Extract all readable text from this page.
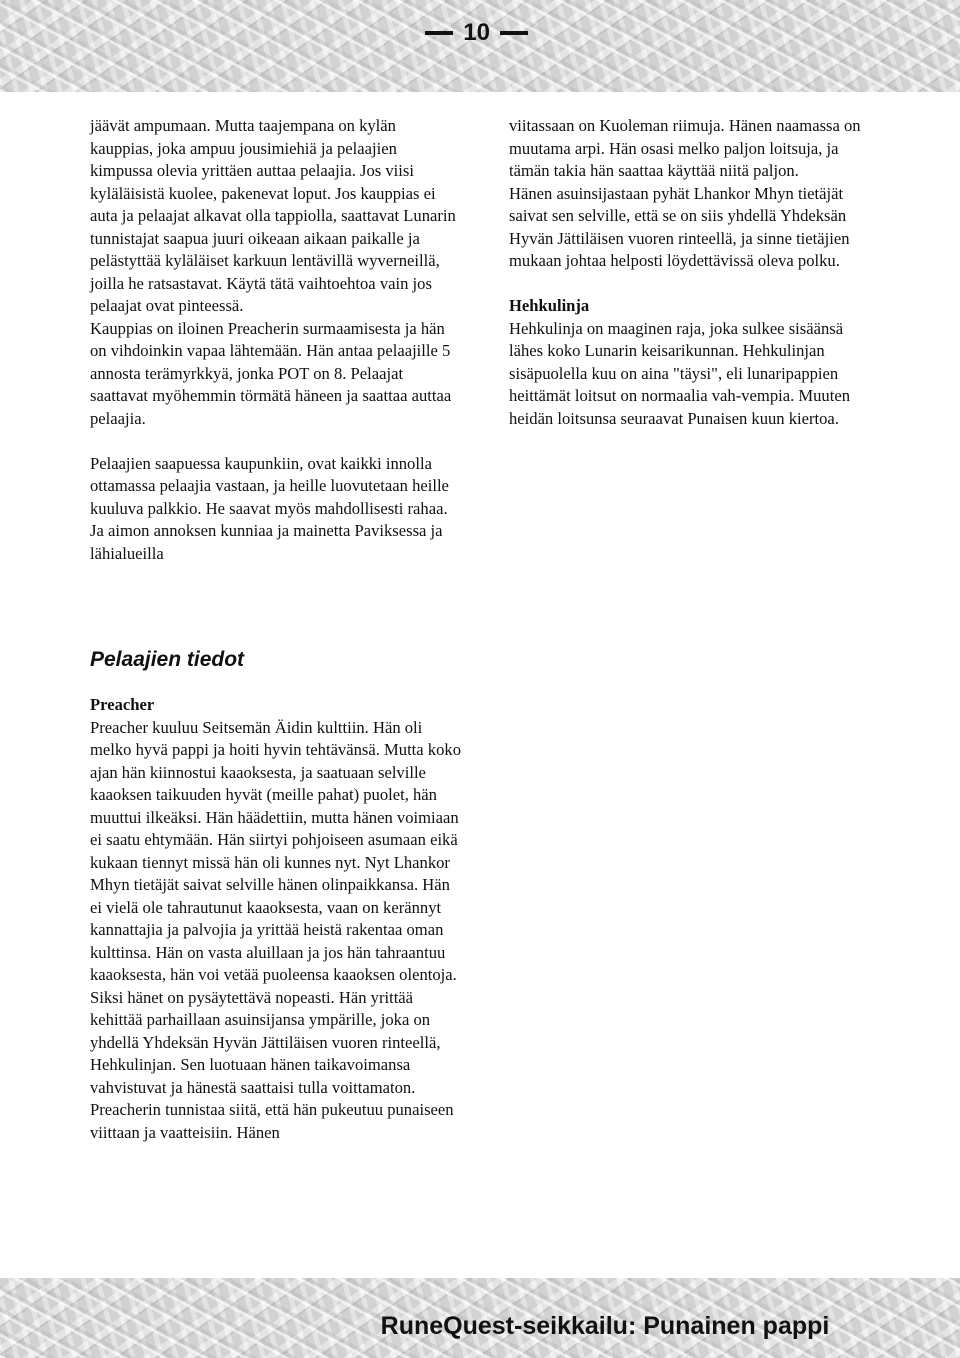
10

jäävät ampumaan. Mutta taajempana on kylän kauppias, joka ampuu jousimiehiä ja pelaajien kimpussa olevia yrittäen auttaa pelaajia. Jos viisi kyläläisistä kuolee, pakenevat loput. Jos kauppias ei auta ja pelaajat alkavat olla tappiolla, saattavat Lunarin tunnistajat saapua juuri oikeaan aikaan paikalle ja pelästyttää kyläläiset karkuun lentävillä wyverneillä, joilla he ratsastavat. Käytä tätä vaihtoehtoa vain jos pelaajat ovat pinteessä.

Kauppias on iloinen Preacherin surmaamisesta ja hän on vihdoinkin vapaa lähtemään. Hän antaa pelaajille 5 annosta terämyrkkyä, jonka POT on 8. Pelaajat saattavat myöhemmin törmätä häneen ja saattaa auttaa pelaajia.

Pelaajien saapuessa kaupunkiin, ovat kaikki innolla ottamassa pelaajia vastaan, ja heille luovutetaan heille kuuluva palkkio. He saavat myös mahdollisesti rahaa. Ja aimon annoksen kunniaa ja mainetta Paviksessa ja lähialueilla

Pelaajien tiedot

Preacher

Preacher kuuluu Seitsemän Äidin kulttiin. Hän oli melko hyvä pappi ja hoiti hyvin tehtävänsä. Mutta koko ajan hän kiinnostui kaaoksesta, ja saatuaan selville kaaoksen taikuuden hyvät (meille pahat) puolet, hän muuttui ilkeäksi. Hän häädettiin, mutta hänen voimiaan ei saatu ehtymään. Hän siirtyi pohjoiseen asumaan eikä kukaan tiennyt missä hän oli kunnes nyt. Nyt Lhankor Mhyn tietäjät saivat selville hänen olinpaikkansa. Hän ei vielä ole tahrautunut kaaoksesta, vaan on kerännyt kannattajia ja palvojia ja yrittää heistä rakentaa oman kulttinsa. Hän on vasta aluillaan ja jos hän tahraantuu kaaoksesta, hän voi vetää puoleensa kaaoksen olentoja. Siksi hänet on pysäytettävä nopeasti. Hän yrittää kehittää parhaillaan asuinsijansa ympärille, joka on yhdellä Yhdeksän Hyvän Jättiläisen vuoren rinteellä, Hehkulinjan. Sen luotuaan hänen taikavoimansa vahvistuvat ja hänestä saattaisi tulla voittamaton.

Preacherin tunnistaa siitä, että hän pukeutuu punaiseen viittaan ja vaatteisiin. Hänen

viitassaan on Kuoleman riimuja. Hänen naamassa on muutama arpi. Hän osasi melko paljon loitsuja, ja tämän takia hän saattaa käyttää niitä paljon.

Hänen asuinsijastaan pyhät Lhankor Mhyn tietäjät saivat sen selville, että se on siis yhdellä Yhdeksän Hyvän Jättiläisen vuoren rinteellä, ja sinne tietäjien mukaan johtaa helposti löydettävissä oleva polku.

Hehkulinja

Hehkulinja on maaginen raja, joka sulkee sisäänsä lähes koko Lunarin keisarikunnan. Hehkulinjan sisäpuolella kuu on aina "täysi", eli lunaripappien heittämät loitsut on normaalia vah-vempia. Muuten heidän loitsunsa seuraavat Punaisen kuun kiertoa.

RuneQuest-seikkailu: Punainen pappi
